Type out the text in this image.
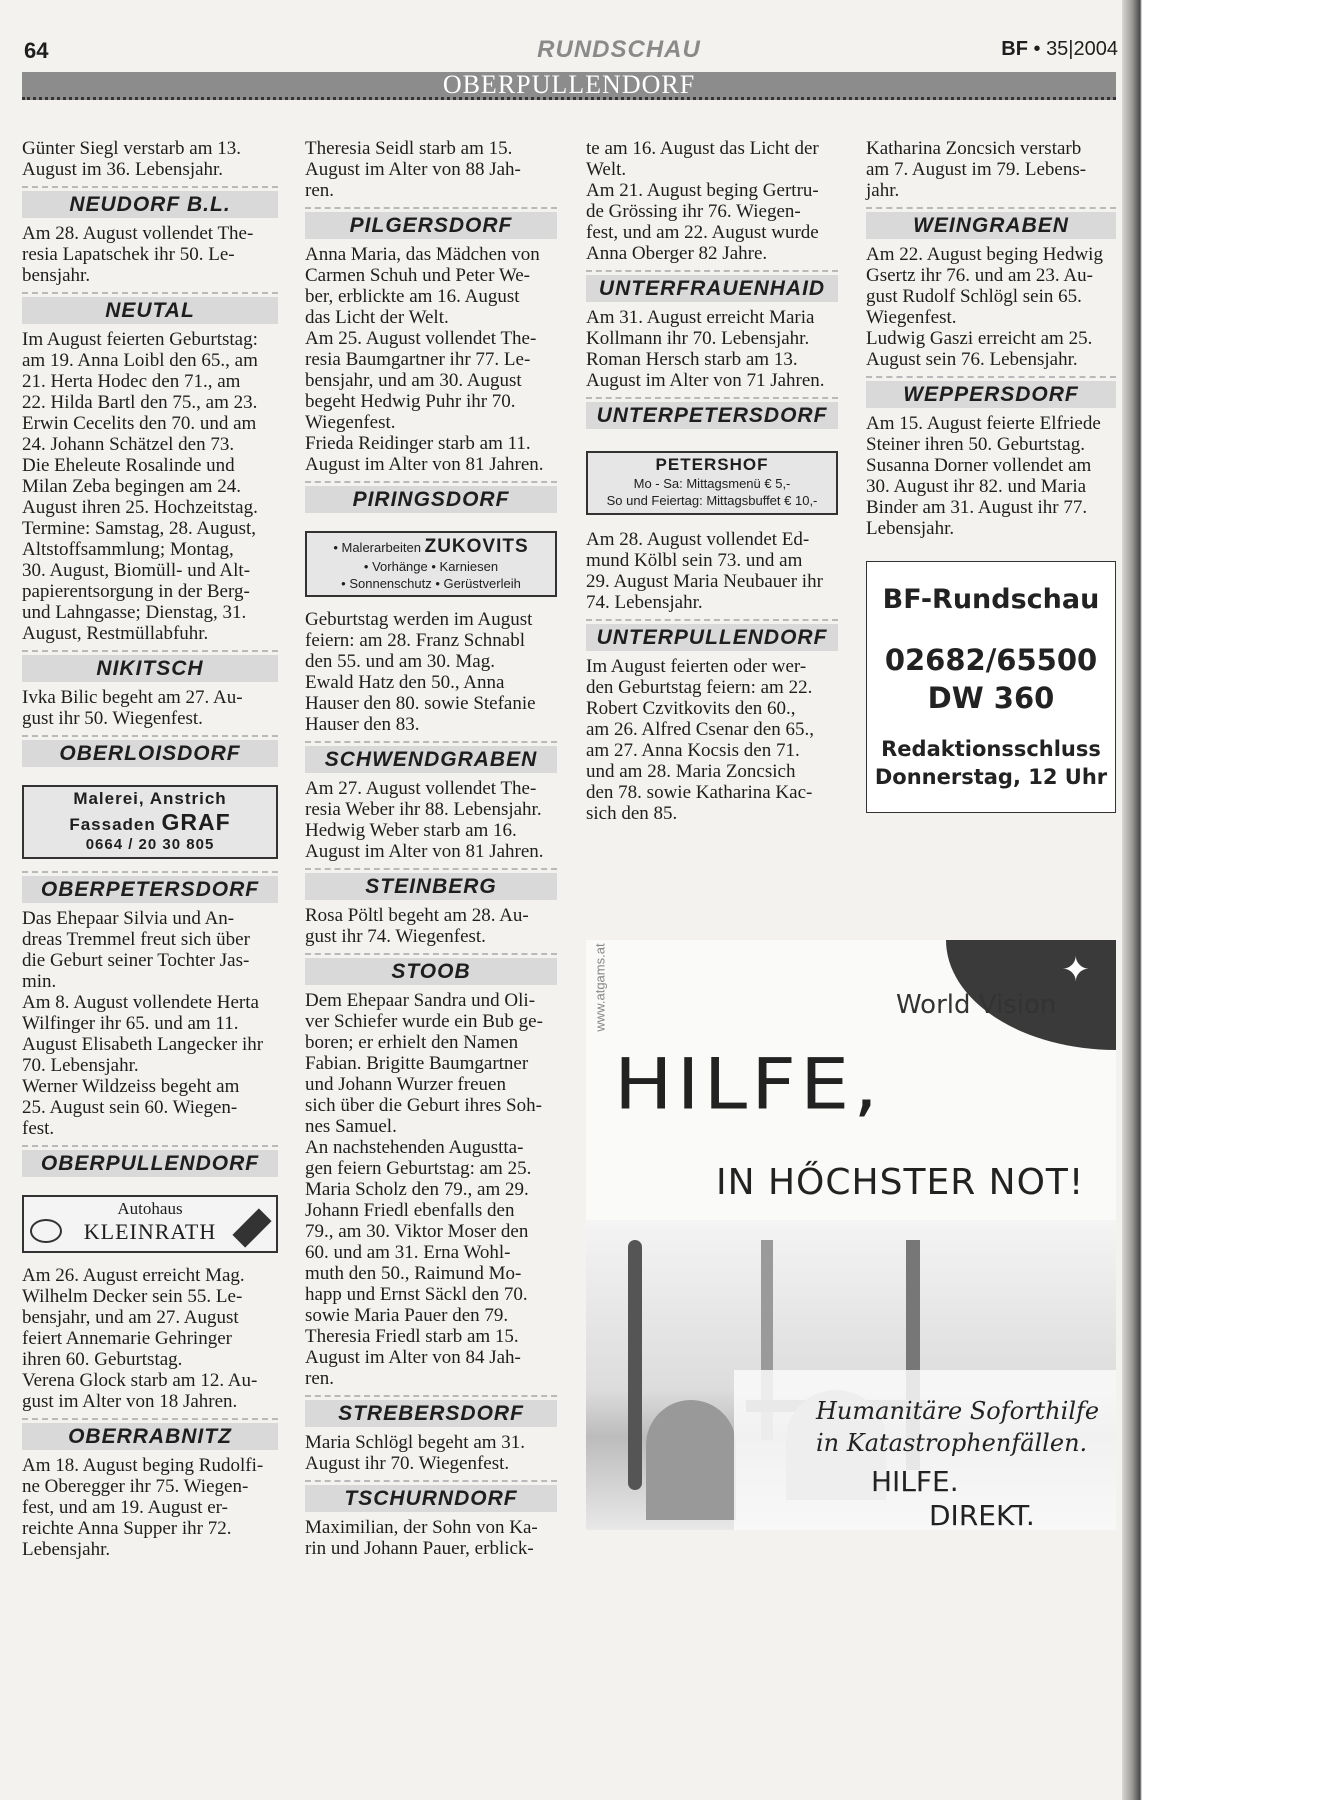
64	RUNDSCHAU	BF • 35|2004
OBERPULLENDORF
Günter Siegl verstarb am 13.
August im 36. Lebensjahr.
NEUDORF B.L.
Am 28. August vollendet The-
resia Lapatschek ihr 50. Le-
bensjahr.
NEUTAL
Im August feierten Geburtstag:
am 19. Anna Loibl den 65., am
21. Herta Hodec den 71., am
22. Hilda Bartl den 75., am 23.
Erwin Cecelits den 70. und am
24. Johann Schätzel den 73.
Die Eheleute Rosalinde und
Milan Zeba begingen am 24.
August ihren 25. Hochzeitstag.
Termine: Samstag, 28. August,
Altstoffsammlung; Montag,
30. August, Biomüll- und Alt-
papierentsorgung in der Berg-
und Lahngasse; Dienstag, 31.
August, Restmüllabfuhr.
NIKITSCH
Ivka Bilic begeht am 27. Au-
gust ihr 50. Wiegenfest.
OBERLOISDORF
Malerei, Anstrich
Fassaden GRAF
0664 / 20 30 805
OBERPETERSDORF
Das Ehepaar Silvia und An-
dreas Tremmel freut sich über
die Geburt seiner Tochter Jas-
min.
Am 8. August vollendete Herta
Wilfinger ihr 65. und am 11.
August Elisabeth Langecker ihr
70. Lebensjahr.
Werner Wildzeiss begeht am
25. August sein 60. Wiegen-
fest.
OBERPULLENDORF
Autohaus
KLEINRATH
Am 26. August erreicht Mag.
Wilhelm Decker sein 55. Le-
bensjahr, und am 27. August
feiert Annemarie Gehringer
ihren 60. Geburtstag.
Verena Glock starb am 12. Au-
gust im Alter von 18 Jahren.
OBERRABNITZ
Am 18. August beging Rudolfi-
ne Oberegger ihr 75. Wiegen-
fest, und am 19. August er-
reichte Anna Supper ihr 72.
Lebensjahr.
Theresia Seidl starb am 15.
August im Alter von 88 Jah-
ren.
PILGERSDORF
Anna Maria, das Mädchen von
Carmen Schuh und Peter We-
ber, erblickte am 16. August
das Licht der Welt.
Am 25. August vollendet The-
resia Baumgartner ihr 77. Le-
bensjahr, und am 30. August
begeht Hedwig Puhr ihr 70.
Wiegenfest.
Frieda Reidinger starb am 11.
August im Alter von 81 Jahren.
PIRINGSDORF
• Malerarbeiten ZUKOVITS
• Vorhänge • Karniesen
• Sonnenschutz • Gerüstverleih
Geburtstag werden im August
feiern: am 28. Franz Schnabl
den 55. und am 30. Mag.
Ewald Hatz den 50., Anna
Hauser den 80. sowie Stefanie
Hauser den 83.
SCHWENDGRABEN
Am 27. August vollendet The-
resia Weber ihr 88. Lebensjahr.
Hedwig Weber starb am 16.
August im Alter von 81 Jahren.
STEINBERG
Rosa Pöltl begeht am 28. Au-
gust ihr 74. Wiegenfest.
STOOB
Dem Ehepaar Sandra und Oli-
ver Schiefer wurde ein Bub ge-
boren; er erhielt den Namen
Fabian. Brigitte Baumgartner
und Johann Wurzer freuen
sich über die Geburt ihres Soh-
nes Samuel.
An nachstehenden Augustta-
gen feiern Geburtstag: am 25.
Maria Scholz den 79., am 29.
Johann Friedl ebenfalls den
79., am 30. Viktor Moser den
60. und am 31. Erna Wohl-
muth den 50., Raimund Mo-
happ und Ernst Säckl den 70.
sowie Maria Pauer den 79.
Theresia Friedl starb am 15.
August im Alter von 84 Jah-
ren.
STREBERSDORF
Maria Schlögl begeht am 31.
August ihr 70. Wiegenfest.
TSCHURNDORF
Maximilian, der Sohn von Ka-
rin und Johann Pauer, erblick-
te am 16. August das Licht der
Welt.
Am 21. August beging Gertru-
de Grössing ihr 76. Wiegen-
fest, und am 22. August wurde
Anna Oberger 82 Jahre.
UNTERFRAUENHAID
Am 31. August erreicht Maria
Kollmann ihr 70. Lebensjahr.
Roman Hersch starb am 13.
August im Alter von 71 Jahren.
UNTERPETERSDORF
PETERSHOF
Mo - Sa: Mittagsmenü € 5,-
So und Feiertag: Mittagsbuffet € 10,-
Am 28. August vollendet Ed-
mund Kölbl sein 73. und am
29. August Maria Neubauer ihr
74. Lebensjahr.
UNTERPULLENDORF
Im August feierten oder wer-
den Geburtstag feiern: am 22.
Robert Czvitkovits den 60.,
am 26. Alfred Csenar den 65.,
am 27. Anna Kocsis den 71.
und am 28. Maria Zoncsich
den 78. sowie Katharina Kac-
sich den 85.
Katharina Zoncsich verstarb
am 7. August im 79. Lebens-
jahr.
WEINGRABEN
Am 22. August beging Hedwig
Gsertz ihr 76. und am 23. Au-
gust Rudolf Schlögl sein 65.
Wiegenfest.
Ludwig Gaszi erreicht am 25.
August sein 76. Lebensjahr.
WEPPERSDORF
Am 15. August feierte Elfriede
Steiner ihren 50. Geburtstag.
Susanna Dorner vollendet am
30. August ihr 82. und Maria
Binder am 31. August ihr 77.
Lebensjahr.
BF-Rundschau
02682/65500
DW 360
Redaktionsschluss
Donnerstag, 12 Uhr
✦
World Vision
www.atgams.at
HILFE,
IN HŐCHSTER NOT!
Humanitäre Soforthilfe
in Katastrophenfällen.
HILFE.
DIREKT.
